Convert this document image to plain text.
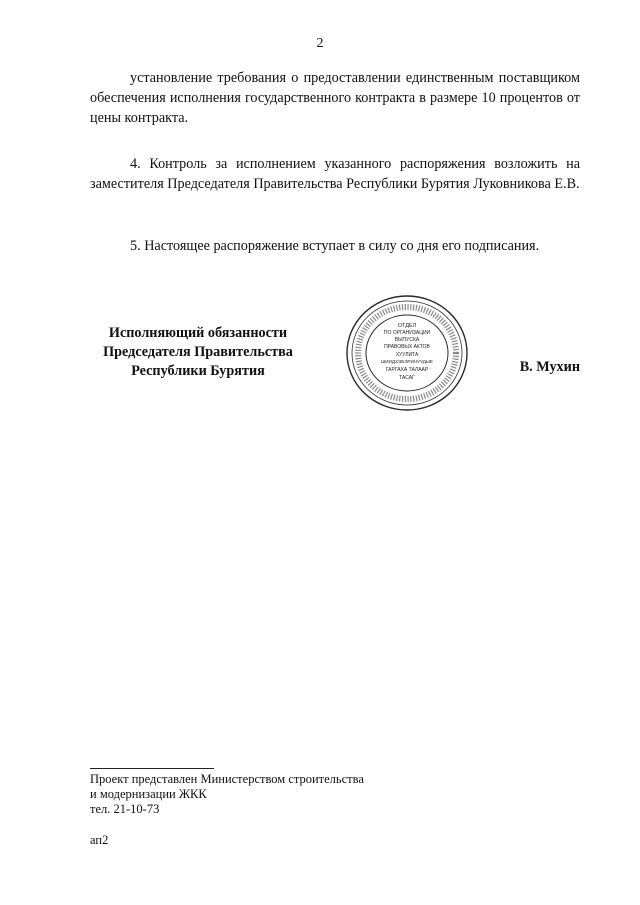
2

установление требования о предоставлении единственным поставщиком обеспечения исполнения государственного контракта в размере 10 процентов от цены контракта.

4. Контроль за исполнением указанного распоряжения возложить на заместителя Председателя Правительства Республики Бурятия Луковникова Е.В.

5. Настоящее распоряжение вступает в силу со дня его подписания.

Исполняющий обязанности
Председателя Правительства
Республики Бурятия
ОТДЕЛ
ПО ОРГАНИЗАЦИИ
ВЫПУСКА
ПРАВОВЫХ АКТОВ
ХУУЛИТА
ШИИДХЭБЭРИНУУДЫЕ
ГАРГАХА ТАЛААР
ТАСАГ
В. Мухин
Проект представлен Министерством строительства
и модернизации ЖКК
тел. 21-10-73
ап2
